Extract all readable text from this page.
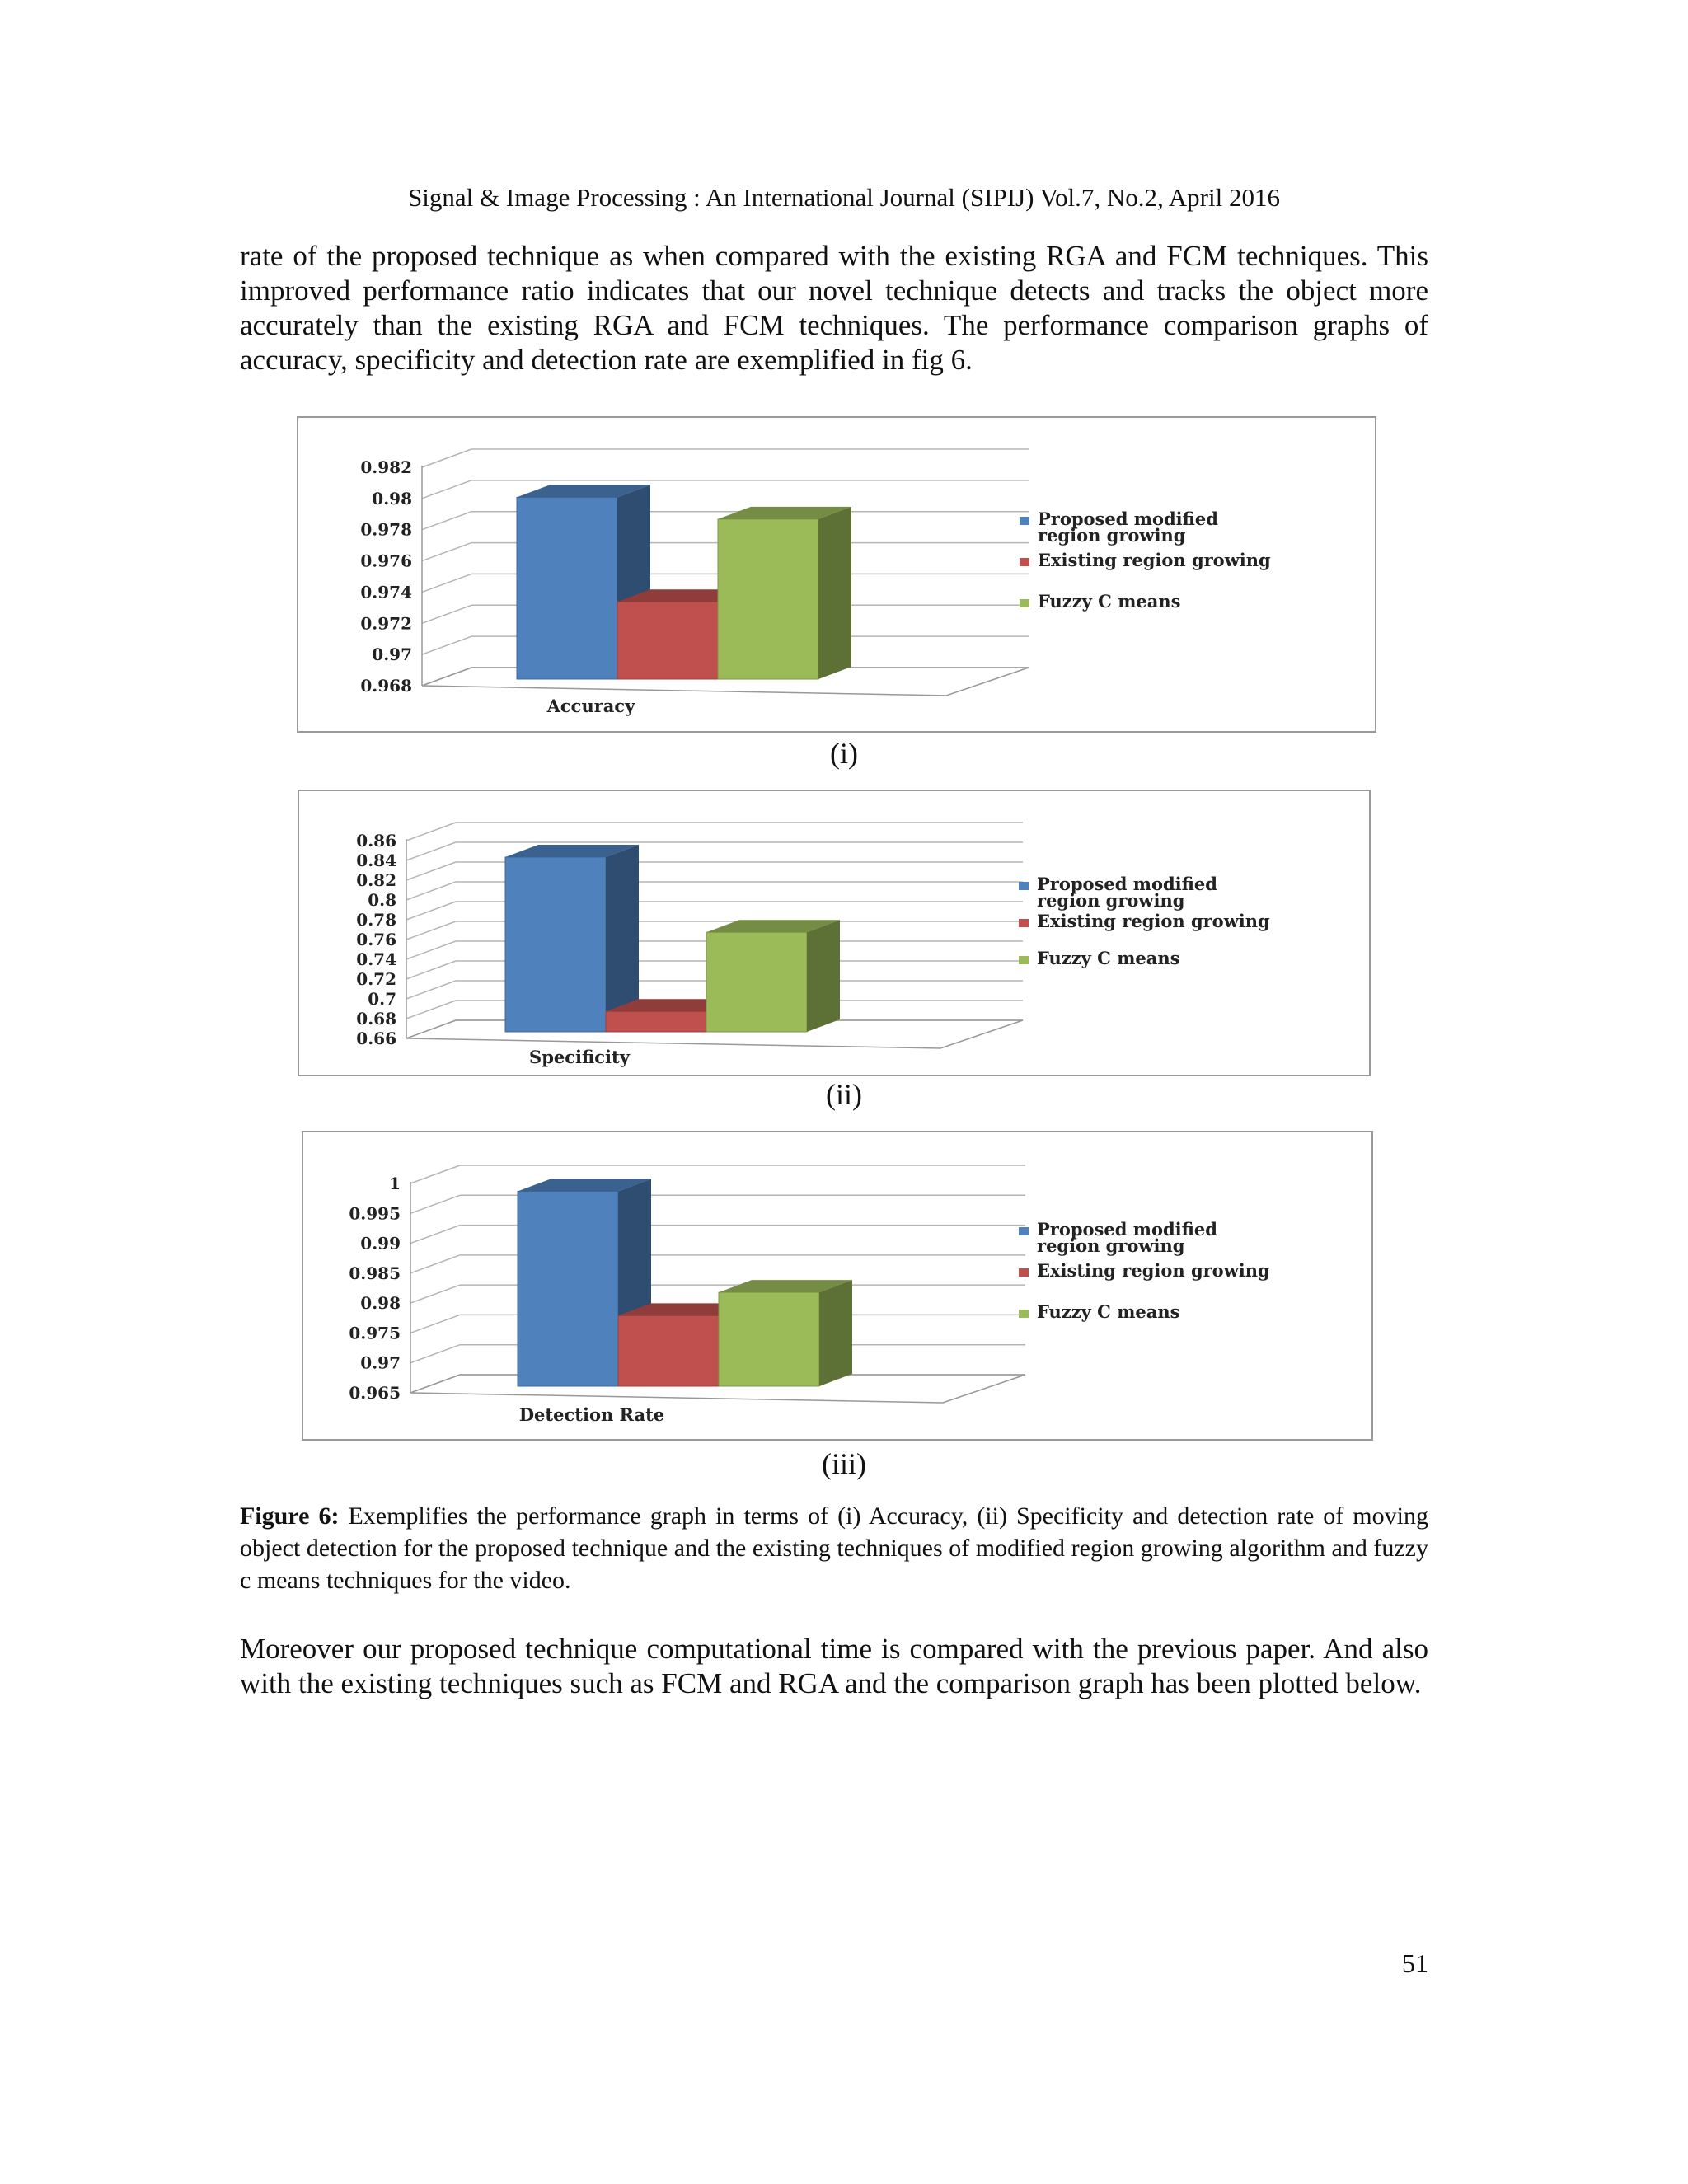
Signal & Image Processing : An International Journal (SIPIJ) Vol.7, No.2, April 2016

rate of the proposed technique as when compared with the existing RGA and FCM techniques. This improved performance ratio indicates that our novel technique detects and tracks the object more accurately than the existing RGA and FCM techniques. The performance comparison graphs of accuracy, specificity and detection rate are exemplified in fig 6.

0.968
0.97
0.972
0.974
0.976
0.978
0.98
0.982
Accuracy
Proposed modified region growing
Existing region growing
Fuzzy C means
(i)
0.66
0.68
0.7
0.72
0.74
0.76
0.78
0.8
0.82
0.84
0.86
Specificity
Proposed modified region growing
Existing region growing
Fuzzy C means
(ii)
0.965
0.97
0.975
0.98
0.985
0.99
0.995
1
Detection Rate
Proposed modified region growing
Existing region growing
Fuzzy C means
(iii)

Figure 6: Exemplifies the performance graph in terms of (i) Accuracy, (ii) Specificity and detection rate of moving object detection for the proposed technique and the existing techniques of modified region growing algorithm and fuzzy c means techniques for the video.

Moreover our proposed technique computational time is compared with the previous paper. And also with the existing techniques such as FCM and RGA and the comparison graph has been plotted below.

51
